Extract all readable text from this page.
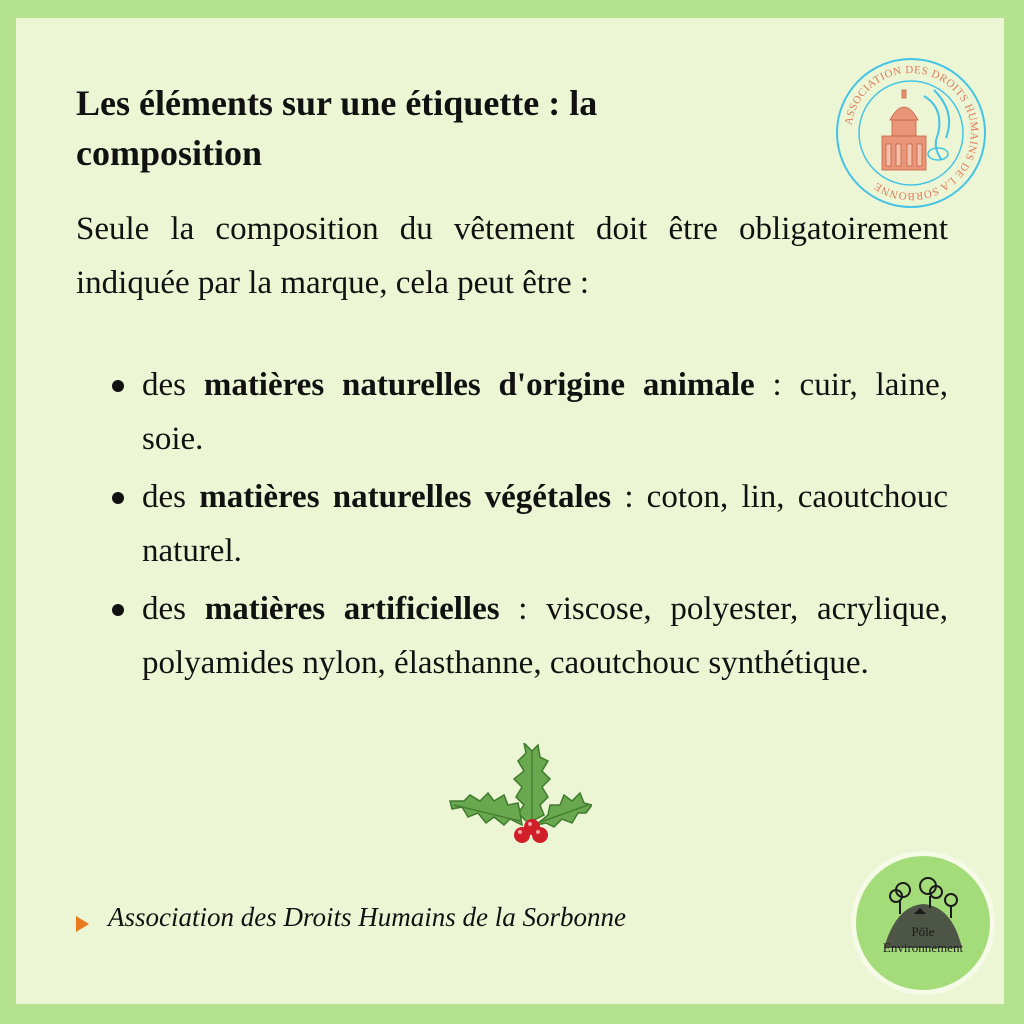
Les éléments sur une étiquette : la composition
ASSOCIATION DES DROITS HUMAINS DE LA SORBONNE

Seule la composition du vêtement doit être obligatoirement indiquée par la marque, cela peut être :

des matières naturelles d'origine animale : cuir, laine, soie.
des matières naturelles végétales : coton, lin, caoutchouc naturel.
des matières artificielles : viscose, polyester, acrylique, polyamides nylon, élasthanne, caoutchouc synthétique.
Association des Droits Humains de la Sorbonne	Pôle
Environnement
